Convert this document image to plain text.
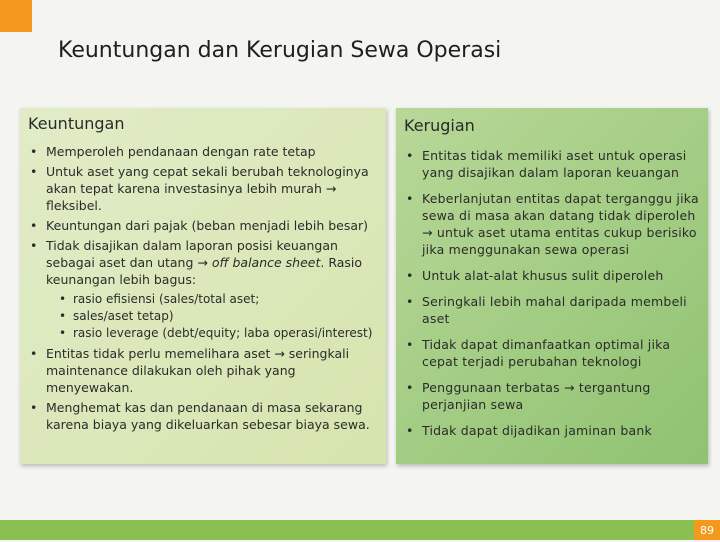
Keuntungan dan Kerugian Sewa Operasi
Keuntungan
• Memperoleh pendanaan dengan rate tetap
• Untuk aset yang cepat sekali berubah teknologinya akan tepat karena investasinya lebih murah → fleksibel.
• Keuntungan dari pajak (beban menjadi lebih besar)
• Tidak disajikan dalam laporan posisi keuangan sebagai aset dan utang → off balance sheet. Rasio keunangan lebih bagus:
• rasio efisiensi (sales/total aset;
• sales/aset tetap)
• rasio leverage (debt/equity; laba operasi/interest)
• Entitas tidak perlu memelihara aset → seringkali maintenance dilakukan oleh pihak yang menyewakan.
• Menghemat kas dan pendanaan di masa sekarang karena biaya yang dikeluarkan sebesar biaya sewa.
Kerugian
• Entitas tidak memiliki aset untuk operasi yang disajikan dalam laporan keuangan
• Keberlanjutan entitas dapat terganggu jika sewa di masa akan datang tidak diperoleh → untuk aset utama entitas cukup berisiko jika menggunakan sewa operasi
• Untuk alat-alat khusus sulit diperoleh
• Seringkali lebih mahal daripada membeli aset
• Tidak dapat dimanfaatkan optimal jika cepat terjadi perubahan teknologi
• Penggunaan terbatas → tergantung perjanjian sewa
• Tidak dapat dijadikan jaminan bank
89
